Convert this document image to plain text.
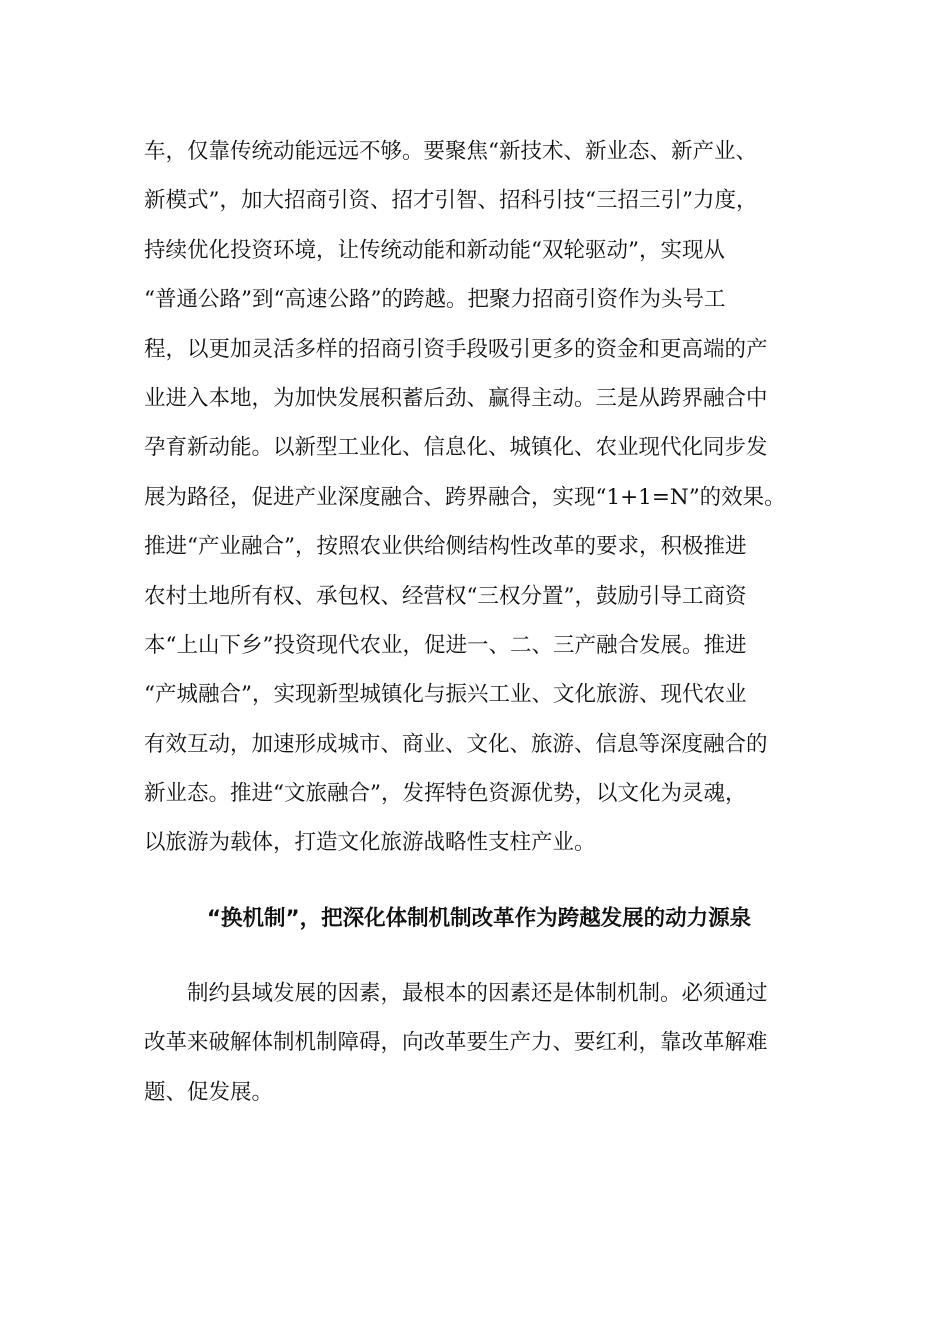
车，仅靠传统动能远远不够。要聚焦“新技术、新业态、新产业、
新模式”，加大招商引资、招才引智、招科引技“三招三引”力度，
持续优化投资环境，让传统动能和新动能“双轮驱动”，实现从
“普通公路”到“高速公路”的跨越。把聚力招商引资作为头号工
程，以更加灵活多样的招商引资手段吸引更多的资金和更高端的产
业进入本地，为加快发展积蓄后劲、赢得主动。三是从跨界融合中
孕育新动能。以新型工业化、信息化、城镇化、农业现代化同步发
展为路径，促进产业深度融合、跨界融合，实现“1+1=N”的效果。
推进“产业融合”，按照农业供给侧结构性改革的要求，积极推进
农村土地所有权、承包权、经营权“三权分置”，鼓励引导工商资
本“上山下乡”投资现代农业，促进一、二、三产融合发展。推进
“产城融合”，实现新型城镇化与振兴工业、文化旅游、现代农业
有效互动，加速形成城市、商业、文化、旅游、信息等深度融合的
新业态。推进“文旅融合”，发挥特色资源优势，以文化为灵魂，
以旅游为载体，打造文化旅游战略性支柱产业。
“换机制”，把深化体制机制改革作为跨越发展的动力源泉
　　制约县域发展的因素，最根本的因素还是体制机制。必须通过
改革来破解体制机制障碍，向改革要生产力、要红利，靠改革解难
题、促发展。
